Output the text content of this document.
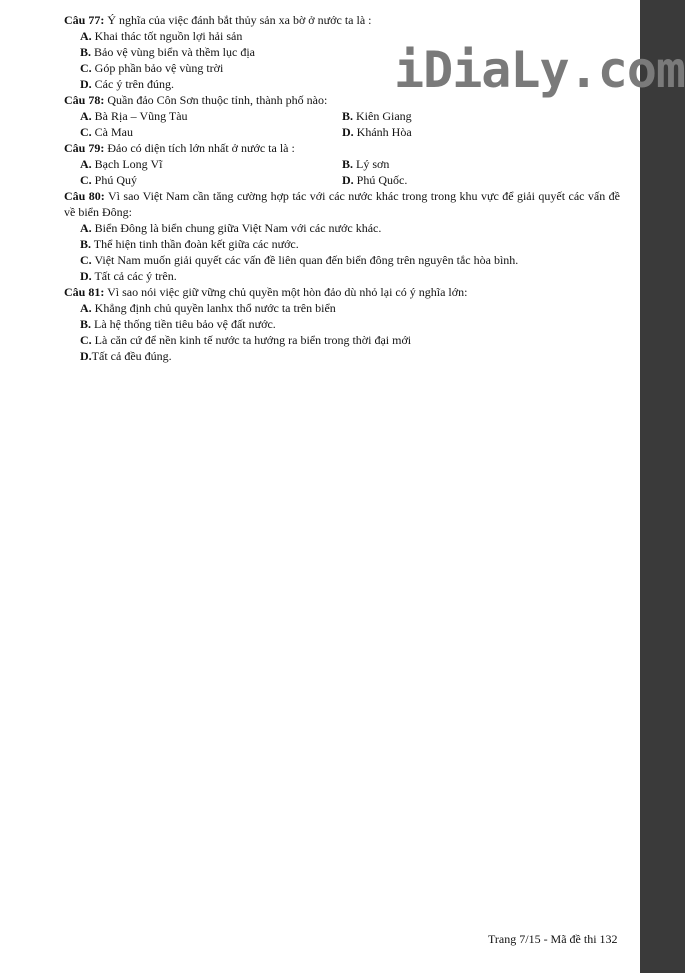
iDiaLy.com
Câu 77: Ý nghĩa của việc đánh bắt thủy sản xa bờ ở nước ta là :
A. Khai thác tốt nguồn lợi hải sản
B. Bảo vệ vùng biển và thềm lục địa
C. Góp phần bảo vệ vùng trời
D. Các ý trên đúng.
Câu 78: Quần đảo Côn Sơn thuộc tỉnh, thành phố nào:
A. Bà Rịa – Vũng Tàu	B. Kiên Giang
C. Cà Mau	D. Khánh Hòa
Câu 79: Đảo có diện tích lớn nhất ở nước ta là :
A. Bạch Long Vĩ	B. Lý sơn
C. Phú Quý	D. Phú Quốc.
Câu 80: Vì sao Việt Nam cần tăng cường hợp tác với các nước khác trong trong khu vực để giải quyết các vấn đề về biển Đông:
A. Biển Đông là biển chung giữa Việt Nam với các nước khác.
B. Thể hiện tinh thần đoàn kết giữa các nước.
C. Việt Nam muốn giải quyết các vấn đề liên quan đến biển đông trên nguyên tắc hòa bình.
D. Tất cả các ý trên.
Câu 81: Vì sao nói việc giữ vững chủ quyền một hòn đảo dù nhỏ lại có ý nghĩa lớn:
A. Khẳng định chủ quyền lanhx thổ nước ta trên biển
B. Là hệ thống tiền tiêu bảo vệ đất nước.
C. Là căn cứ để nền kinh tế nước ta hướng ra biển trong thời đại mới
D.Tất cả đều đúng.
Trang 7/15 - Mã đề thi 132
